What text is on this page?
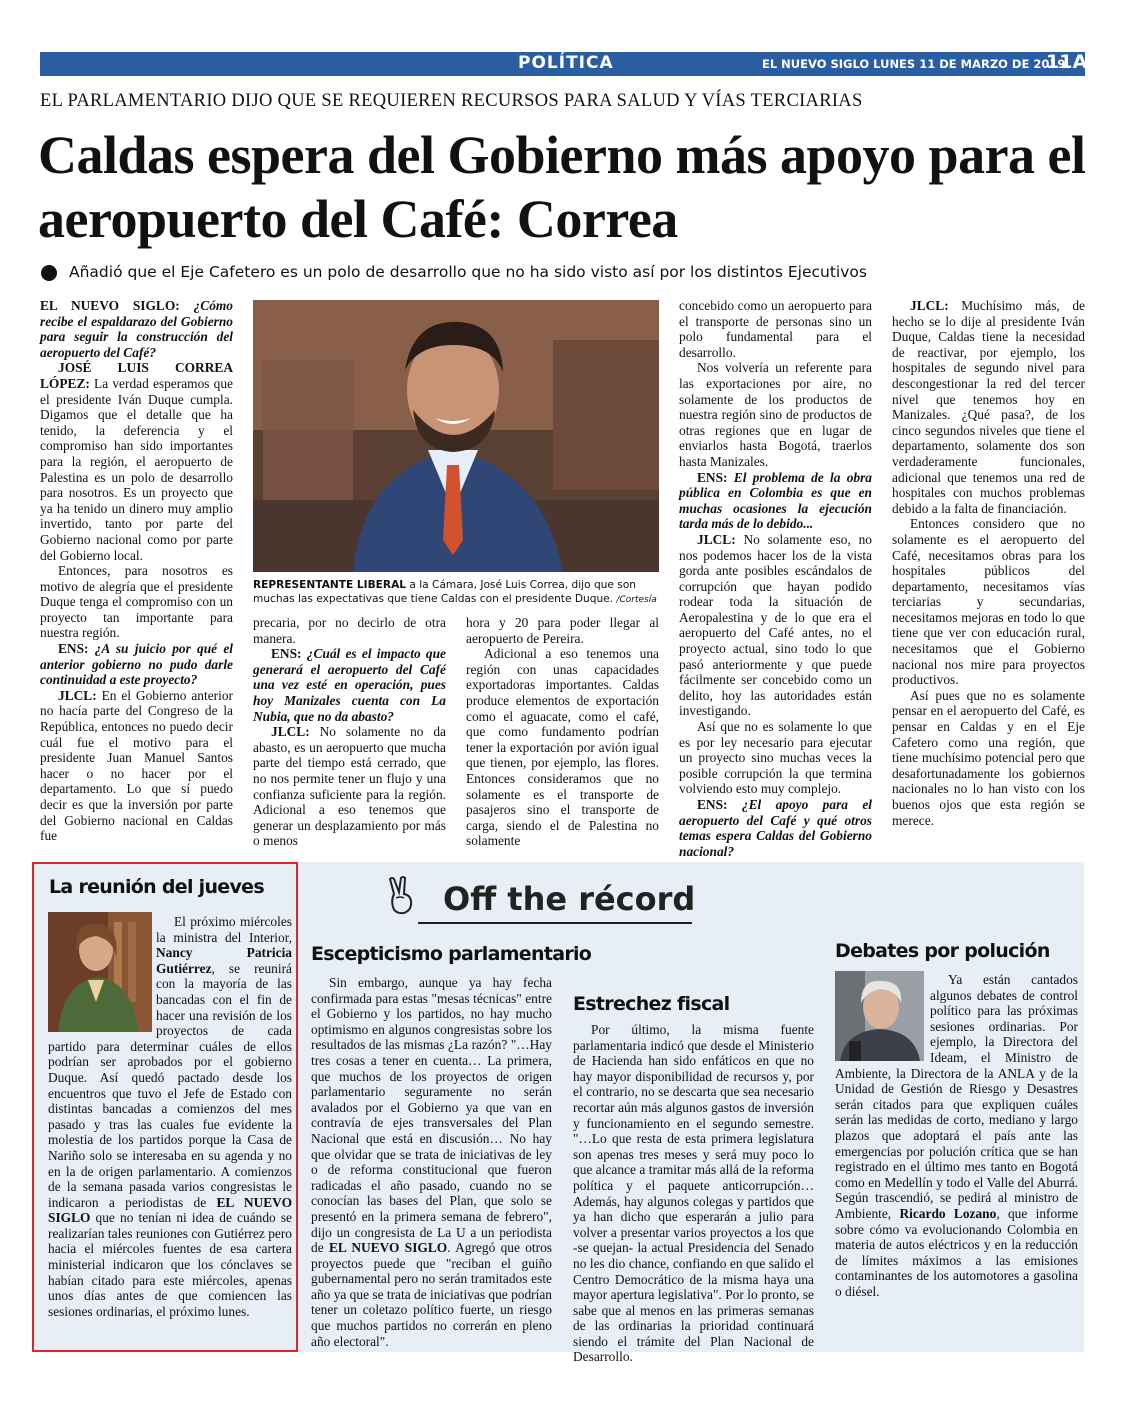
POLÍTICA	EL NUEVO SIGLO LUNES 11 DE MARZO DE 2019
11A
EL PARLAMENTARIO DIJO QUE SE REQUIEREN RECURSOS PARA SALUD Y VÍAS TERCIARIAS
Caldas espera del Gobierno más apoyo para el aeropuerto del Café: Correa
Añadió que el Eje Cafetero es un polo de desarrollo que no ha sido visto así por los distintos Ejecutivos

EL NUEVO SIGLO: ¿Cómo recibe el espaldarazo del Gobierno para seguir la construcción del aeropuerto del Café?

JOSÉ LUIS CORREA LÓPEZ: La verdad esperamos que el presidente Iván Duque cumpla. Digamos que el detalle que ha tenido, la deferencia y el compromiso han sido importantes para la región, el aeropuerto de Palestina es un polo de desarrollo para nosotros. Es un proyecto que ya ha tenido un dinero muy amplio invertido, tanto por parte del Gobierno nacional como por parte del Gobierno local.

Entonces, para nosotros es motivo de alegría que el presidente Duque tenga el compromiso con un proyecto tan importante para nuestra región.

ENS: ¿A su juicio por qué el anterior gobierno no pudo darle continuidad a este proyecto?

JLCL: En el Gobierno anterior no hacía parte del Congreso de la República, entonces no puedo decir cuál fue el motivo para el presidente Juan Manuel Santos hacer o no hacer por el departamento. Lo que sí puedo decir es que la inversión por parte del Gobierno nacional en Caldas fue

REPRESENTANTE LIBERAL a la Cámara, José Luis Correa, dijo que son muchas las expectativas que tiene Caldas con el presidente Duque. /Cortesía

precaria, por no decirlo de otra manera.

ENS: ¿Cuál es el impacto que generará el aeropuerto del Café una vez esté en operación, pues hoy Manizales cuenta con La Nubia, que no da abasto?

JLCL: No solamente no da abasto, es un aeropuerto que mucha parte del tiempo está cerrado, que no nos permite tener un flujo y una confianza suficiente para la región. Adicional a eso tenemos que generar un desplazamiento por más o menos

hora y 20 para poder llegar al aeropuerto de Pereira.

Adicional a eso tenemos una región con unas capacidades exportadoras importantes. Caldas produce elementos de exportación como el aguacate, como el café, que como fundamento podrían tener la exportación por avión igual que tienen, por ejemplo, las flores. Entonces consideramos que no solamente es el transporte de pasajeros sino el transporte de carga, siendo el de Palestina no solamente

concebido como un aeropuerto para el transporte de personas sino un polo fundamental para el desarrollo.

Nos volvería un referente para las exportaciones por aire, no solamente de los productos de nuestra región sino de productos de otras regiones que en lugar de enviarlos hasta Bogotá, traerlos hasta Manizales.

ENS: El problema de la obra pública en Colombia es que en muchas ocasiones la ejecución tarda más de lo debido...

JLCL: No solamente eso, no nos podemos hacer los de la vista gorda ante posibles escándalos de corrupción que hayan podido rodear toda la situación de Aeropalestina y de lo que era el aeropuerto del Café antes, no el proyecto actual, sino todo lo que pasó anteriormente y que puede fácilmente ser concebido como un delito, hoy las autoridades están investigando.

Así que no es solamente lo que es por ley necesario para ejecutar un proyecto sino muchas veces la posible corrupción la que termina volviendo esto muy complejo.

ENS: ¿El apoyo para el aeropuerto del Café y qué otros temas espera Caldas del Gobierno nacional?

JLCL: Muchísimo más, de hecho se lo dije al presidente Iván Duque, Caldas tiene la necesidad de reactivar, por ejemplo, los hospitales de segundo nivel para descongestionar la red del tercer nivel que tenemos hoy en Manizales. ¿Qué pasa?, de los cinco segundos niveles que tiene el departamento, solamente dos son verdaderamente funcionales, adicional que tenemos una red de hospitales con muchos problemas debido a la falta de financiación.

Entonces considero que no solamente es el aeropuerto del Café, necesitamos obras para los hospitales públicos del departamento, necesitamos vías terciarias y secundarias, necesitamos mejoras en todo lo que tiene que ver con educación rural, necesitamos que el Gobierno nacional nos mire para proyectos productivos.

Así pues que no es solamente pensar en el aeropuerto del Café, es pensar en Caldas y en el Eje Cafetero como una región, que tiene muchísimo potencial pero que desafortunadamente los gobiernos nacionales no lo han visto con los buenos ojos que esta región se merece.

Off the récord
La reunión del jueves

El próximo miércoles la ministra del Interior, Nancy Patricia Gutiérrez, se reunirá con la mayoría de las bancadas con el fin de hacer una revisión de los proyectos de cada partido para determinar cuáles de ellos podrían ser aprobados por el gobierno Duque. Así quedó pactado desde los encuentros que tuvo el Jefe de Estado con distintas bancadas a comienzos del mes pasado y tras las cuales fue evidente la molestia de los partidos porque la Casa de Nariño solo se interesaba en su agenda y no en la de origen parlamentario. A comienzos de la semana pasada varios congresistas le indicaron a periodistas de EL NUEVO SIGLO que no tenían ni idea de cuándo se realizarían tales reuniones con Gutiérrez pero hacia el miércoles fuentes de esa cartera ministerial indicaron que los cónclaves se habían citado para este miércoles, apenas unos días antes de que comiencen las sesiones ordinarias, el próximo lunes.

Escepticismo parlamentario

Sin embargo, aunque ya hay fecha confirmada para estas "mesas técnicas" entre el Gobierno y los partidos, no hay mucho optimismo en algunos congresistas sobre los resultados de las mismas ¿La razón? "…Hay tres cosas a tener en cuenta… La primera, que muchos de los proyectos de origen parlamentario seguramente no serán avalados por el Gobierno ya que van en contravía de ejes transversales del Plan Nacional que está en discusión… No hay que olvidar que se trata de iniciativas de ley o de reforma constitucional que fueron radicadas el año pasado, cuando no se conocían las bases del Plan, que solo se presentó en la primera semana de febrero", dijo un congresista de La U a un periodista de EL NUEVO SIGLO. Agregó que otros proyectos puede que "reciban el guiño gubernamental pero no serán tramitados este año ya que se trata de iniciativas que podrían tener un coletazo político fuerte, un riesgo que muchos partidos no correrán en pleno año electoral".

Estrechez fiscal

Por último, la misma fuente parlamentaria indicó que desde el Ministerio de Hacienda han sido enfáticos en que no hay mayor disponibilidad de recursos y, por el contrario, no se descarta que sea necesario recortar aún más algunos gastos de inversión y funcionamiento en el segundo semestre. "…Lo que resta de esta primera legislatura son apenas tres meses y será muy poco lo que alcance a tramitar más allá de la reforma política y el paquete anticorrupción… Además, hay algunos colegas y partidos que ya han dicho que esperarán a julio para volver a presentar varios proyectos a los que -se quejan- la actual Presidencia del Senado no les dio chance, confiando en que salido el Centro Democrático de la misma haya una mayor apertura legislativa". Por lo pronto, se sabe que al menos en las primeras semanas de las ordinarias la prioridad continuará siendo el trámite del Plan Nacional de Desarrollo.

Debates por polución

Ya están cantados algunos debates de control político para las próximas sesiones ordinarias. Por ejemplo, la Directora del Ideam, el Ministro de Ambiente, la Directora de la ANLA y de la Unidad de Gestión de Riesgo y Desastres serán citados para que expliquen cuáles serán las medidas de corto, mediano y largo plazos que adoptará el país ante las emergencias por polución crítica que se han registrado en el último mes tanto en Bogotá como en Medellín y todo el Valle del Aburrá. Según trascendió, se pedirá al ministro de Ambiente, Ricardo Lozano, que informe sobre cómo va evolucionando Colombia en materia de autos eléctricos y en la reducción de límites máximos a las emisiones contaminantes de los automotores a gasolina o diésel.
